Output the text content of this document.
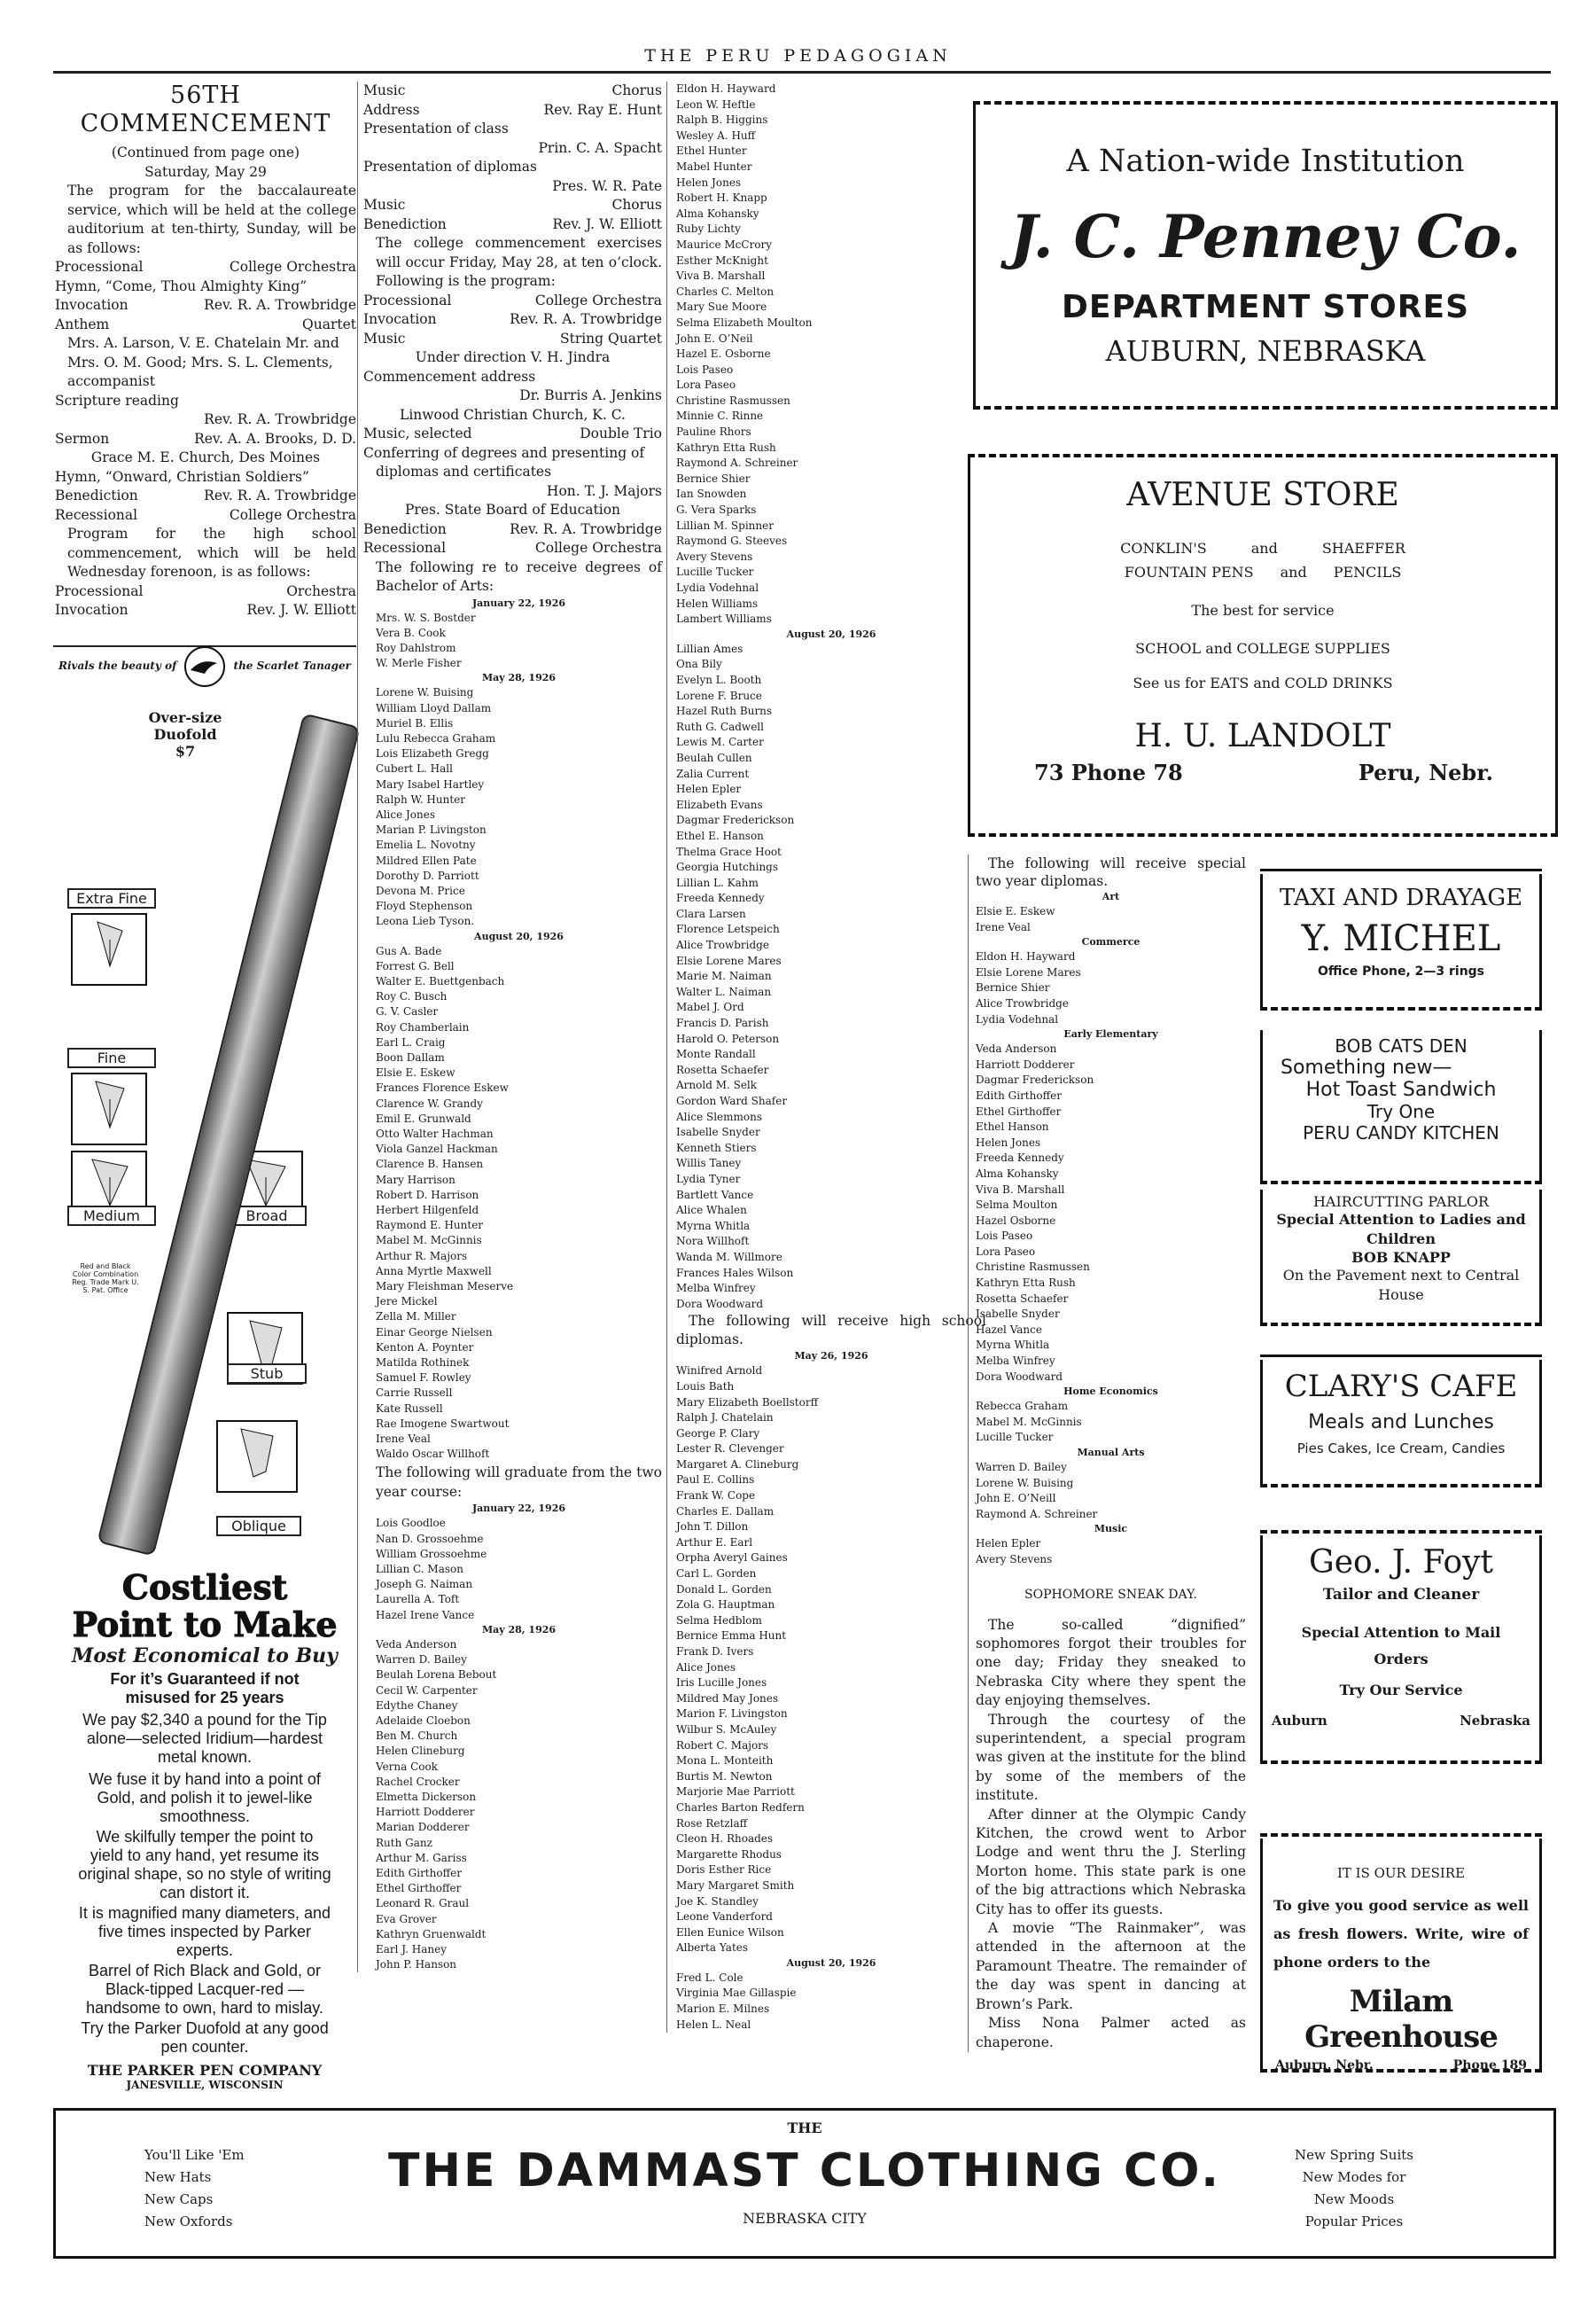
THE PERU PEDAGOGIAN

56TH COMMENCEMENT

(Continued from page one)

Saturday, May 29

The program for the baccalaureate service, which will be held at the college auditorium at ten-thirty, Sunday, will be as follows:

Processional	College Orchestra
Hymn, “Come, Thou Almighty King”
Invocation	Rev. R. A. Trowbridge
Anthem	Quartet

Mrs. A. Larson, V. E. Chatelain Mr. and Mrs. O. M. Good; Mrs. S. L. Clements, accompanist

Scripture reading

Rev. R. A. Trowbridge

Sermon	Rev. A. A. Brooks, D. D.

Grace M. E. Church, Des Moines

Hymn, “Onward, Christian Soldiers”

Benediction	Rev. R. A. Trowbridge
Recessional	College Orchestra

Program for the high school commencement, which will be held Wednesday forenoon, is as follows:

Processional	Orchestra
Invocation	Rev. J. W. Elliott
Rivals the beauty of	the Scarlet Tanager
Over-size
Duofold
$7
Extra Fine
Fine
Medium	Broad
Stub
Oblique
Red and Black Color Combination Reg. Trade Mark U. S. Pat. Office
Costliest
Point to Make
Most Economical to Buy
For it’s Guaranteed if not misused for 25 years
We pay $2,340 a pound for the Tip alone—selected Iridium—hardest metal known.
We fuse it by hand into a point of Gold, and polish it to jewel-like smoothness.
We skilfully temper the point to yield to any hand, yet resume its original shape, so no style of writing can distort it.
It is magnified many diameters, and five times inspected by Parker experts.
Barrel of Rich Black and Gold, or Black-tipped Lacquer-red — handsome to own, hard to mislay.
Try the Parker Duofold at any good pen counter.
THE PARKER PEN COMPANY
JANESVILLE, WISCONSIN
Music	Chorus
Address	Rev. Ray E. Hunt

Presentation of class

Prin. C. A. Spacht

Presentation of diplomas

Pres. W. R. Pate

Music	Chorus
Benediction	Rev. J. W. Elliott

The college commencement exercises will occur Friday, May 28, at ten o’clock. Following is the program:

Processional	College Orchestra
Invocation	Rev. R. A. Trowbridge
Music	String Quartet

Under direction V. H. Jindra

Commencement address

Dr. Burris A. Jenkins

Linwood Christian Church, K. C.

Music, selected	Double Trio

Conferring of degrees and presenting of diplomas and certificates

Hon. T. J. Majors

Pres. State Board of Education

Benediction	Rev. R. A. Trowbridge
Recessional	College Orchestra

The following re to receive degrees of Bachelor of Arts:

January 22, 1926
Mrs. W. S. Bostder
Vera B. Cook
Roy Dahlstrom
W. Merle Fisher
May 28, 1926
Lorene W. Buising
William Lloyd Dallam
Muriel B. Ellis
Lulu Rebecca Graham
Lois Elizabeth Gregg
Cubert L. Hall
Mary Isabel Hartley
Ralph W. Hunter
Alice Jones
Marian P. Livingston
Emelia L. Novotny
Mildred Ellen Pate
Dorothy D. Parriott
Devona M. Price
Floyd Stephenson
Leona Lieb Tyson.
August 20, 1926
Gus A. Bade
Forrest G. Bell
Walter E. Buettgenbach
Roy C. Busch
G. V. Casler
Roy Chamberlain
Earl L. Craig
Boon Dallam
Elsie E. Eskew
Frances Florence Eskew
Clarence W. Grandy
Emil E. Grunwald
Otto Walter Hachman
Viola Ganzel Hackman
Clarence B. Hansen
Mary Harrison
Robert D. Harrison
Herbert Hilgenfeld
Raymond E. Hunter
Mabel M. McGinnis
Arthur R. Majors
Anna Myrtle Maxwell
Mary Fleishman Meserve
Jere Mickel
Zella M. Miller
Einar George Nielsen
Kenton A. Poynter
Matilda Rothinek
Samuel F. Rowley
Carrie Russell
Kate Russell
Rae Imogene Swartwout
Irene Veal
Waldo Oscar Willhoft

The following will graduate from the two year course:

January 22, 1926
Lois Goodloe
Nan D. Grossoehme
William Grossoehme
Lillian C. Mason
Joseph G. Naiman
Laurella A. Toft
Hazel Irene Vance
May 28, 1926
Veda Anderson
Warren D. Bailey
Beulah Lorena Bebout
Cecil W. Carpenter
Edythe Chaney
Adelaide Cloebon
Ben M. Church
Helen Clineburg
Verna Cook
Rachel Crocker
Elmetta Dickerson
Harriott Dodderer
Marian Dodderer
Ruth Ganz
Arthur M. Gariss
Edith Girthoffer
Ethel Girthoffer
Leonard R. Graul
Eva Grover
Kathryn Gruenwaldt
Earl J. Haney
John P. Hanson
Eldon H. Hayward
Leon W. Heftle
Ralph B. Higgins
Wesley A. Huff
Ethel Hunter
Mabel Hunter
Helen Jones
Robert H. Knapp
Alma Kohansky
Ruby Lichty
Maurice McCrory
Esther McKnight
Viva B. Marshall
Charles C. Melton
Mary Sue Moore
Selma Elizabeth Moulton
John E. O’Neil
Hazel E. Osborne
Lois Paseo
Lora Paseo
Christine Rasmussen
Minnie C. Rinne
Pauline Rhors
Kathryn Etta Rush
Raymond A. Schreiner
Bernice Shier
Ian Snowden
G. Vera Sparks
Lillian M. Spinner
Raymond G. Steeves
Avery Stevens
Lucille Tucker
Lydia Vodehnal
Helen Williams
Lambert Williams
August 20, 1926
Lillian Ames
Ona Bily
Evelyn L. Booth
Lorene F. Bruce
Hazel Ruth Burns
Ruth G. Cadwell
Lewis M. Carter
Beulah Cullen
Zalia Current
Helen Epler
Elizabeth Evans
Dagmar Frederickson
Ethel E. Hanson
Thelma Grace Hoot
Georgia Hutchings
Lillian L. Kahm
Freeda Kennedy
Clara Larsen
Florence Letspeich
Alice Trowbridge
Elsie Lorene Mares
Marie M. Naiman
Walter L. Naiman
Mabel J. Ord
Francis D. Parish
Harold O. Peterson
Monte Randall
Rosetta Schaefer
Arnold M. Selk
Gordon Ward Shafer
Alice Slemmons
Isabelle Snyder
Kenneth Stiers
Willis Taney
Lydia Tyner
Bartlett Vance
Alice Whalen
Myrna Whitla
Nora Willhoft
Wanda M. Willmore
Frances Hales Wilson
Melba Winfrey
Dora Woodward

The following will receive high school diplomas.

May 26, 1926
Winifred Arnold
Louis Bath
Mary Elizabeth Boellstorff
Ralph J. Chatelain
George P. Clary
Lester R. Clevenger
Margaret A. Clineburg
Paul E. Collins
Frank W. Cope
Charles E. Dallam
John T. Dillon
Arthur E. Earl
Orpha Averyl Gaines
Carl L. Gorden
Donald L. Gorden
Zola G. Hauptman
Selma Hedblom
Bernice Emma Hunt
Frank D. Ivers
Alice Jones
Iris Lucille Jones
Mildred May Jones
Marion F. Livingston
Wilbur S. McAuley
Robert C. Majors
Mona L. Monteith
Burtis M. Newton
Marjorie Mae Parriott
Charles Barton Redfern
Rose Retzlaff
Cleon H. Rhoades
Margarette Rhodus
Doris Esther Rice
Mary Margaret Smith
Joe K. Standley
Leone Vanderford
Ellen Eunice Wilson
Alberta Yates
August 20, 1926
Fred L. Cole
Virginia Mae Gillaspie
Marion E. Milnes
Helen L. Neal

The following will receive special two year diplomas.

Art
Elsie E. Eskew
Irene Veal
Commerce
Eldon H. Hayward
Elsie Lorene Mares
Bernice Shier
Alice Trowbridge
Lydia Vodehnal
Early Elementary
Veda Anderson
Harriott Dodderer
Dagmar Frederickson
Edith Girthoffer
Ethel Girthoffer
Ethel Hanson
Helen Jones
Freeda Kennedy
Alma Kohansky
Viva B. Marshall
Selma Moulton
Hazel Osborne
Lois Paseo
Lora Paseo
Christine Rasmussen
Kathryn Etta Rush
Rosetta Schaefer
Isabelle Snyder
Hazel Vance
Myrna Whitla
Melba Winfrey
Dora Woodward
Home Economics
Rebecca Graham
Mabel M. McGinnis
Lucille Tucker
Manual Arts
Warren D. Bailey
Lorene W. Buising
John E. O’Neill
Raymond A. Schreiner
Music
Helen Epler
Avery Stevens
SOPHOMORE SNEAK DAY.

The so-called “dignified” sophomores forgot their troubles for one day; Friday they sneaked to Nebraska City where they spent the day enjoying themselves.

Through the courtesy of the superintendent, a special program was given at the institute for the blind by some of the members of the institute.

After dinner at the Olympic Candy Kitchen, the crowd went to Arbor Lodge and went thru the J. Sterling Morton home. This state park is one of the big attractions which Nebraska City has to offer its guests.

A movie “The Rainmaker”, was attended in the afternoon at the Paramount Theatre. The remainder of the day was spent in dancing at Brown’s Park.

Miss Nona Palmer acted as chaperone.

A Nation-wide Institution
J. C. Penney Co.
DEPARTMENT STORES
AUBURN, NEBRASKA
AVENUE STORE
CONKLIN'S	and	SHAEFFER
FOUNTAIN PENS and PENCILS
The best for service
SCHOOL and COLLEGE SUPPLIES
See us for EATS and COLD DRINKS
H. U. LANDOLT
73 Phone 78	Peru, Nebr.
TAXI AND DRAYAGE
Y. MICHEL
Office Phone, 2—3 rings
BOB CATS DEN
Something new—
Hot Toast Sandwich
Try One
PERU CANDY KITCHEN
HAIRCUTTING PARLOR
Special Attention to Ladies and Children
BOB KNAPP
On the Pavement next to Central House
CLARY'S CAFE
Meals and Lunches
Pies Cakes, Ice Cream, Candies
Geo. J. Foyt
Tailor and Cleaner
Special Attention to Mail Orders
Try Our Service
Auburn	Nebraska
IT IS OUR DESIRE
To give you good service as well as fresh flowers. Write, wire of phone orders to the
Milam Greenhouse
Auburn, Nebr.	Phone 189
THE
THE DAMMAST CLOTHING CO.
NEBRASKA CITY
You'll Like 'Em
New Hats
New Caps
New Oxfords
New Spring Suits
New Modes for
New Moods
Popular Prices
